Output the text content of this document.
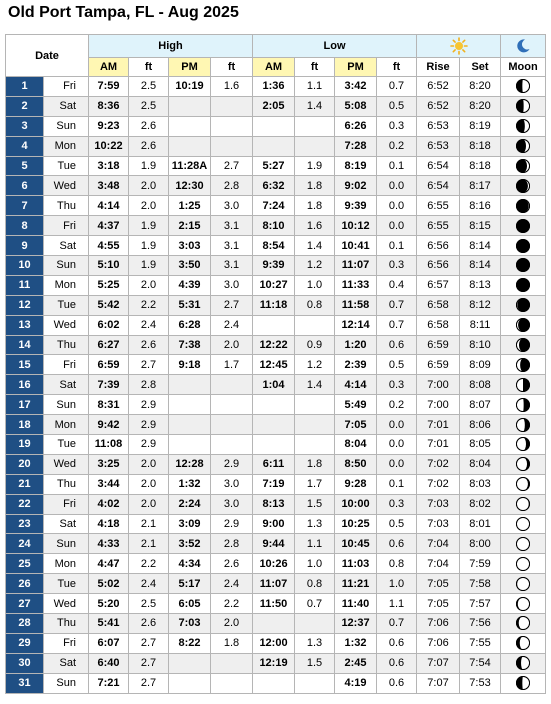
Old Port Tampa, FL - Aug 2025
Date		High				Low	

		AM	ft	PM	ft	AM	ft	PM	ft	Rise	Set	Moon
1	Fri	7:59	2.5	10:19	1.6	1:36	1.1	3:42	0.7	6:52	8:20	

2	Sat	8:36	2.5			2:05	1.4	5:08	0.5	6:52	8:20	

3	Sun	9:23	2.6					6:26	0.3	6:53	8:19	

4	Mon	10:22	2.6					7:28	0.2	6:53	8:18	

5	Tue	3:18	1.9	11:28A	2.7	5:27	1.9	8:19	0.1	6:54	8:18	

6	Wed	3:48	2.0	12:30	2.8	6:32	1.8	9:02	0.0	6:54	8:17	

7	Thu	4:14	2.0	1:25	3.0	7:24	1.8	9:39	0.0	6:55	8:16	

8	Fri	4:37	1.9	2:15	3.1	8:10	1.6	10:12	0.0	6:55	8:15	

9	Sat	4:55	1.9	3:03	3.1	8:54	1.4	10:41	0.1	6:56	8:14	

10	Sun	5:10	1.9	3:50	3.1	9:39	1.2	11:07	0.3	6:56	8:14	

11	Mon	5:25	2.0	4:39	3.0	10:27	1.0	11:33	0.4	6:57	8:13	

12	Tue	5:42	2.2	5:31	2.7	11:18	0.8	11:58	0.7	6:58	8:12	

13	Wed	6:02	2.4	6:28	2.4			12:14	0.7	6:58	8:11	

14	Thu	6:27	2.6	7:38	2.0	12:22	0.9	1:20	0.6	6:59	8:10	

15	Fri	6:59	2.7	9:18	1.7	12:45	1.2	2:39	0.5	6:59	8:09	

16	Sat	7:39	2.8			1:04	1.4	4:14	0.3	7:00	8:08	

17	Sun	8:31	2.9					5:49	0.2	7:00	8:07	

18	Mon	9:42	2.9					7:05	0.0	7:01	8:06	

19	Tue	11:08	2.9					8:04	0.0	7:01	8:05	

20	Wed	3:25	2.0	12:28	2.9	6:11	1.8	8:50	0.0	7:02	8:04	

21	Thu	3:44	2.0	1:32	3.0	7:19	1.7	9:28	0.1	7:02	8:03	

22	Fri	4:02	2.0	2:24	3.0	8:13	1.5	10:00	0.3	7:03	8:02	

23	Sat	4:18	2.1	3:09	2.9	9:00	1.3	10:25	0.5	7:03	8:01	

24	Sun	4:33	2.1	3:52	2.8	9:44	1.1	10:45	0.6	7:04	8:00	

25	Mon	4:47	2.2	4:34	2.6	10:26	1.0	11:03	0.8	7:04	7:59	

26	Tue	5:02	2.4	5:17	2.4	11:07	0.8	11:21	1.0	7:05	7:58	

27	Wed	5:20	2.5	6:05	2.2	11:50	0.7	11:40	1.1	7:05	7:57	

28	Thu	5:41	2.6	7:03	2.0			12:37	0.7	7:06	7:56	

29	Fri	6:07	2.7	8:22	1.8	12:00	1.3	1:32	0.6	7:06	7:55	

30	Sat	6:40	2.7			12:19	1.5	2:45	0.6	7:07	7:54	

31	Sun	7:21	2.7					4:19	0.6	7:07	7:53	
